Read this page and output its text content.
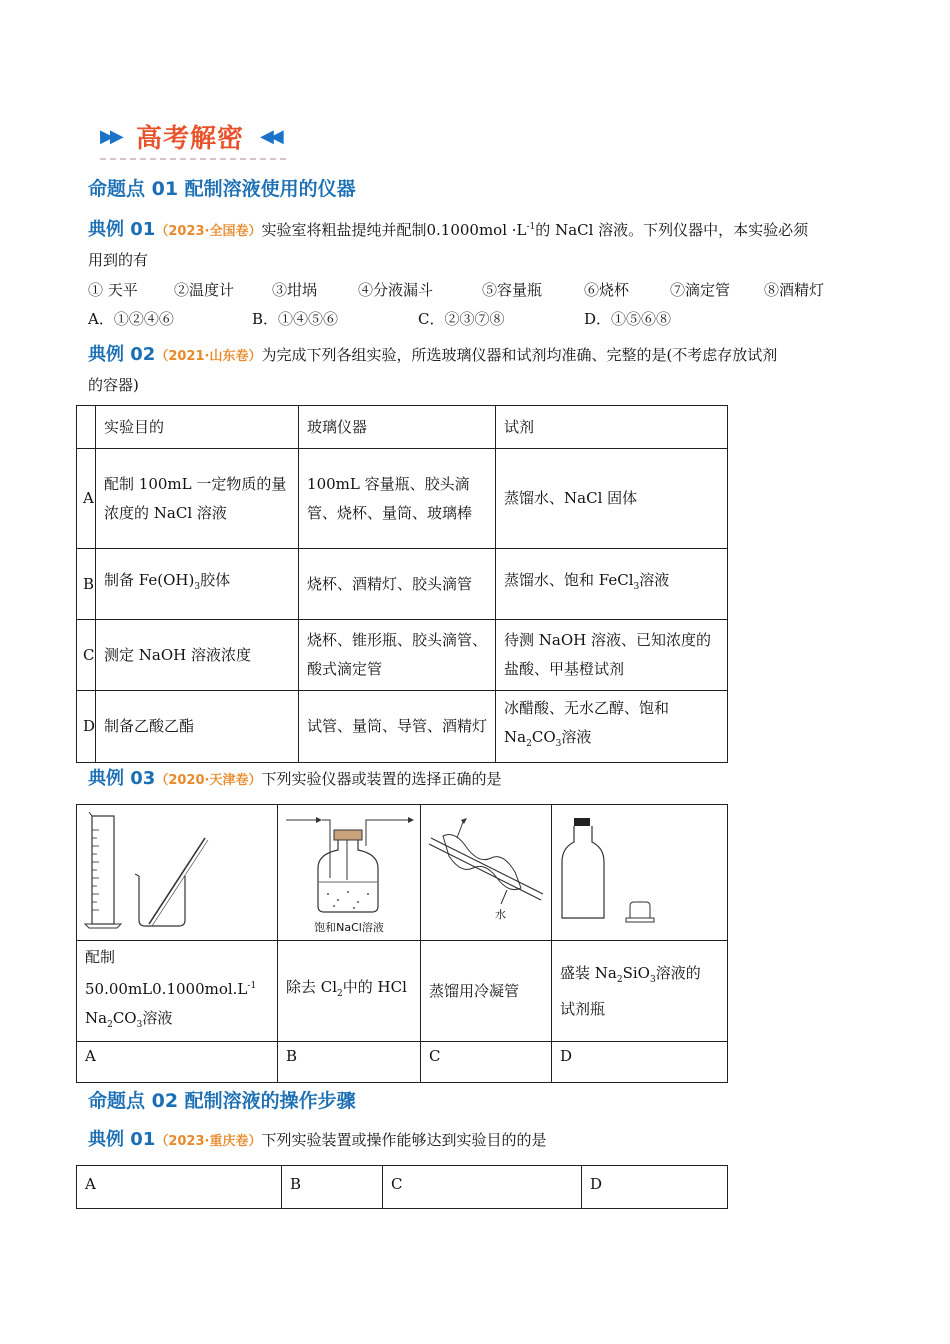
▶▶ 高考解密 ◀◀
命题点 01 配制溶液使用的仪器
典例 01（2023·全国卷）实验室将粗盐提纯并配制$0.1000mol \cdot L^{-1}$的 NaCl 溶液。下列仪器中，本实验必须
用到的有
① 天平 ②温度计	③坩埚	④分液漏斗	⑤容量瓶	⑥烧杯	⑦滴定管 ⑧酒精灯
A．①②④⑥	B．①④⑤⑥	C．②③⑦⑧	D．①⑤⑥⑧
典例 02（2021·山东卷）为完成下列各组实验，所选玻璃仪器和试剂均准确、完整的是(不考虑存放试剂
的容器)
	实验目的	玻璃仪器	试剂
A	配制 100mL 一定物质的量浓度的 NaCl 溶液	100mL 容量瓶、胶头滴管、烧杯、量筒、玻璃棒	蒸馏水、NaCl 固体
B	制备 $Fe(OH)_3$胶体	烧杯、酒精灯、胶头滴管	蒸馏水、饱和 FeCl$_3$溶液
C	测定 NaOH 溶液浓度	烧杯、锥形瓶、胶头滴管、酸式滴定管	待测 NaOH 溶液、已知浓度的盐酸、甲基橙试剂
D	制备乙酸乙酯	试管、量筒、导管、酒精灯	冰醋酸、无水乙醇、饱和
$Na_2CO_3$溶液
典例 03（2020·天津卷）下列实验仪器或装置的选择正确的是

饱和NaCl溶液	水

配制
$50.00mL0.1000mol.L^{-1}$
$Na_2CO_3$溶液	除去 $Cl_2$中的 HCl	蒸馏用冷凝管	盛装 $Na_2SiO_3$溶液的
试剂瓶
A	B	C	D
命题点 02 配制溶液的操作步骤
典例 01（2023·重庆卷）下列实验装置或操作能够达到实验目的的是
A	B	C	D
